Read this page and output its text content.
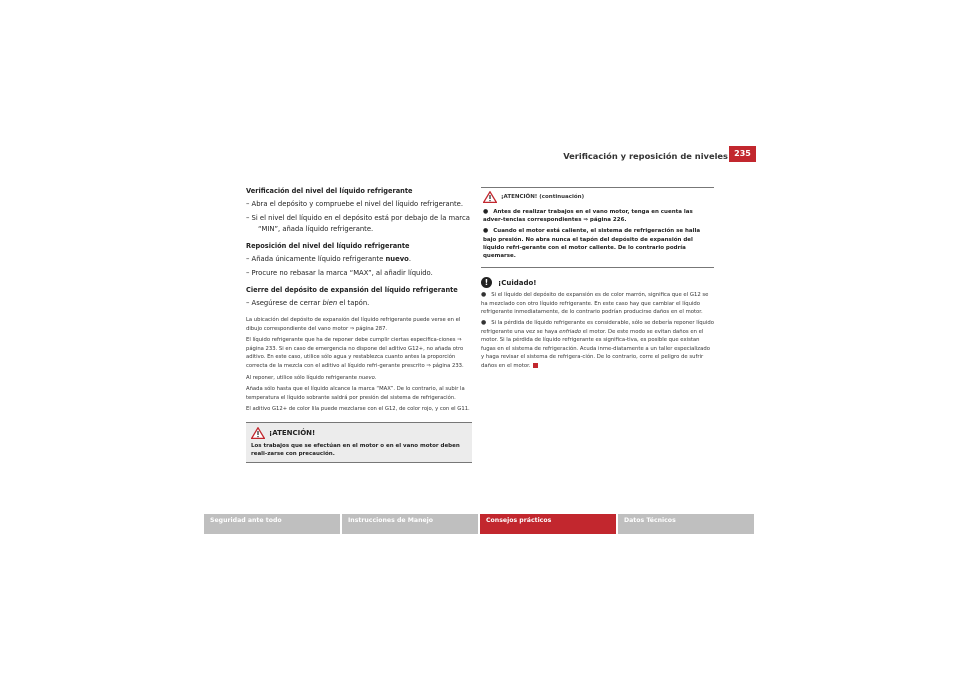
Verificación y reposición de niveles 235
Verificación del nivel del líquido refrigerante
– Abra el depósito y compruebe el nivel del líquido refrigerante.
– Si el nivel del líquido en el depósito está por debajo de la marca “MIN”, añada líquido refrigerante.
Reposición del nivel del líquido refrigerante
– Añada únicamente líquido refrigerante nuevo.
– Procure no rebasar la marca “MAX”, al añadir líquido.
Cierre del depósito de expansión del líquido refrigerante
– Asegúrese de cerrar bien el tapón.
La ubicación del depósito de expansión del líquido refrigerante puede verse en el dibujo correspondiente del vano motor ⇒ página 287.
El líquido refrigerante que ha de reponer debe cumplir ciertas especifica-ciones ⇒ página 233. Si en caso de emergencia no dispone del aditivo G12+, no añada otro aditivo. En este caso, utilice sólo agua y restablezca cuanto antes la proporción correcta de la mezcla con el aditivo al líquido refri-gerante prescrito ⇒ página 233.
Al reponer, utilice sólo líquido refrigerante nuevo.
Añada sólo hasta que el líquido alcance la marca “MAX”. De lo contrario, al subir la temperatura el líquido sobrante saldrá por presión del sistema de refrigeración.
El aditivo G12+ de color lila puede mezclarse con el G12, de color rojo, y con el G11.
¡ATENCIÓN!
Los trabajos que se efectúan en el motor o en el vano motor deben reali-zarse con precaución.
¡ATENCIÓN! (continuación)
● Antes de realizar trabajos en el vano motor, tenga en cuenta las adver-tencias correspondientes ⇒ página 226.
● Cuando el motor está caliente, el sistema de refrigeración se halla bajo presión. No abra nunca el tapón del depósito de expansión del líquido refri-gerante con el motor caliente. De lo contrario podría quemarse.
!	¡Cuidado!
● Si el líquido del depósito de expansión es de color marrón, significa que el G12 se ha mezclado con otro líquido refrigerante. En este caso hay que cambiar el líquido refrigerante inmediatamente, de lo contrario podrían producirse daños en el motor.
● Si la pérdida de líquido refrigerante es considerable, sólo se debería reponer líquido refrigerante una vez se haya enfriado el motor. De este modo se evitan daños en el motor. Si la pérdida de líquido refrigerante es significa-tiva, es posible que existan fugas en el sistema de refrigeración. Acuda inme-diatamente a un taller especializado y haga revisar el sistema de refrigera-ción. De lo contrario, corre el peligro de sufrir daños en el motor.
Seguridad ante todo	Instrucciones de Manejo	Consejos prácticos	Datos Técnicos
